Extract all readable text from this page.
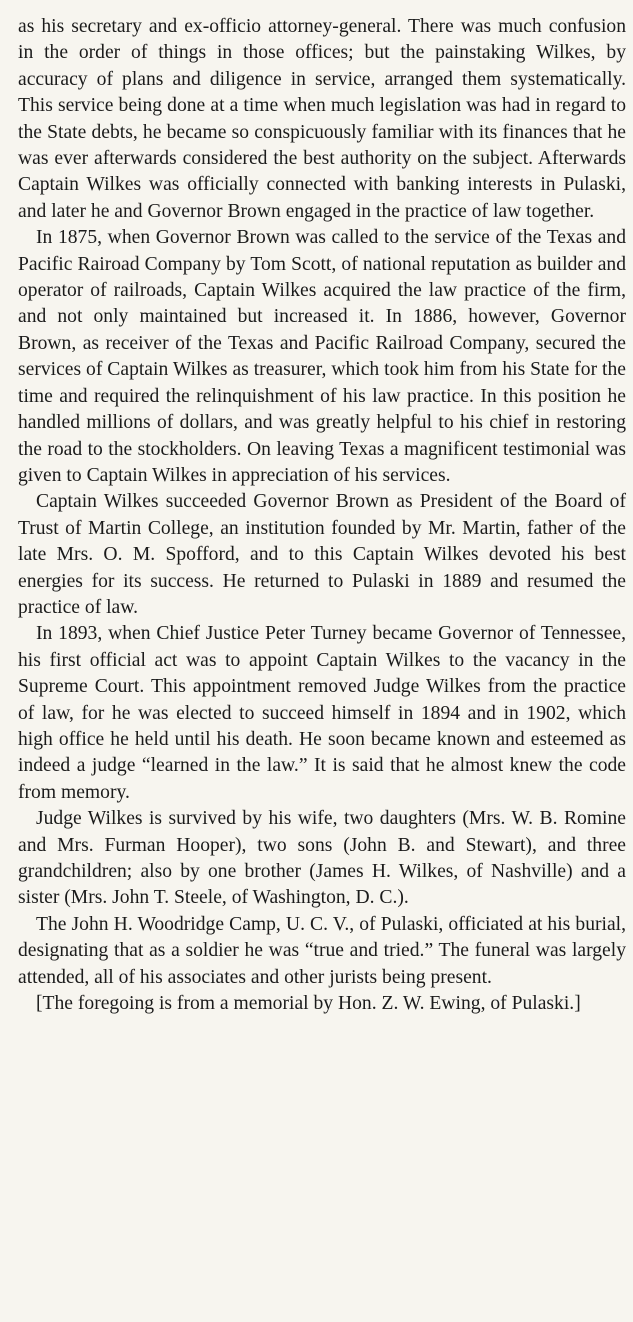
as his secretary and ex-officio attorney-general. There was much confusion in the order of things in those offices; but the painstaking Wilkes, by accuracy of plans and diligence in service, arranged them systematically. This service being done at a time when much legislation was had in regard to the State debts, he became so conspicuously familiar with its finances that he was ever afterwards considered the best authority on the subject. Afterwards Captain Wilkes was officially connected with banking interests in Pulaski, and later he and Governor Brown engaged in the practice of law together.

In 1875, when Governor Brown was called to the service of the Texas and Pacific Rairoad Company by Tom Scott, of national reputation as builder and operator of railroads, Captain Wilkes acquired the law practice of the firm, and not only maintained but increased it. In 1886, however, Governor Brown, as receiver of the Texas and Pacific Railroad Company, secured the services of Captain Wilkes as treasurer, which took him from his State for the time and required the relinquishment of his law practice. In this position he handled millions of dollars, and was greatly helpful to his chief in restoring the road to the stockholders. On leaving Texas a magnificent testimonial was given to Captain Wilkes in appreciation of his services.

Captain Wilkes succeeded Governor Brown as President of the Board of Trust of Martin College, an institution founded by Mr. Martin, father of the late Mrs. O. M. Spofford, and to this Captain Wilkes devoted his best energies for its success. He returned to Pulaski in 1889 and resumed the practice of law.

In 1893, when Chief Justice Peter Turney became Governor of Tennessee, his first official act was to appoint Captain Wilkes to the vacancy in the Supreme Court. This appointment removed Judge Wilkes from the practice of law, for he was elected to succeed himself in 1894 and in 1902, which high office he held until his death. He soon became known and esteemed as indeed a judge “learned in the law.” It is said that he almost knew the code from memory.

Judge Wilkes is survived by his wife, two daughters (Mrs. W. B. Romine and Mrs. Furman Hooper), two sons (John B. and Stewart), and three grandchildren; also by one brother (James H. Wilkes, of Nashville) and a sister (Mrs. John T. Steele, of Washington, D. C.).

The John H. Woodridge Camp, U. C. V., of Pulaski, officiated at his burial, designating that as a soldier he was “true and tried.” The funeral was largely attended, all of his associates and other jurists being present.

[The foregoing is from a memorial by Hon. Z. W. Ewing, of Pulaski.]
